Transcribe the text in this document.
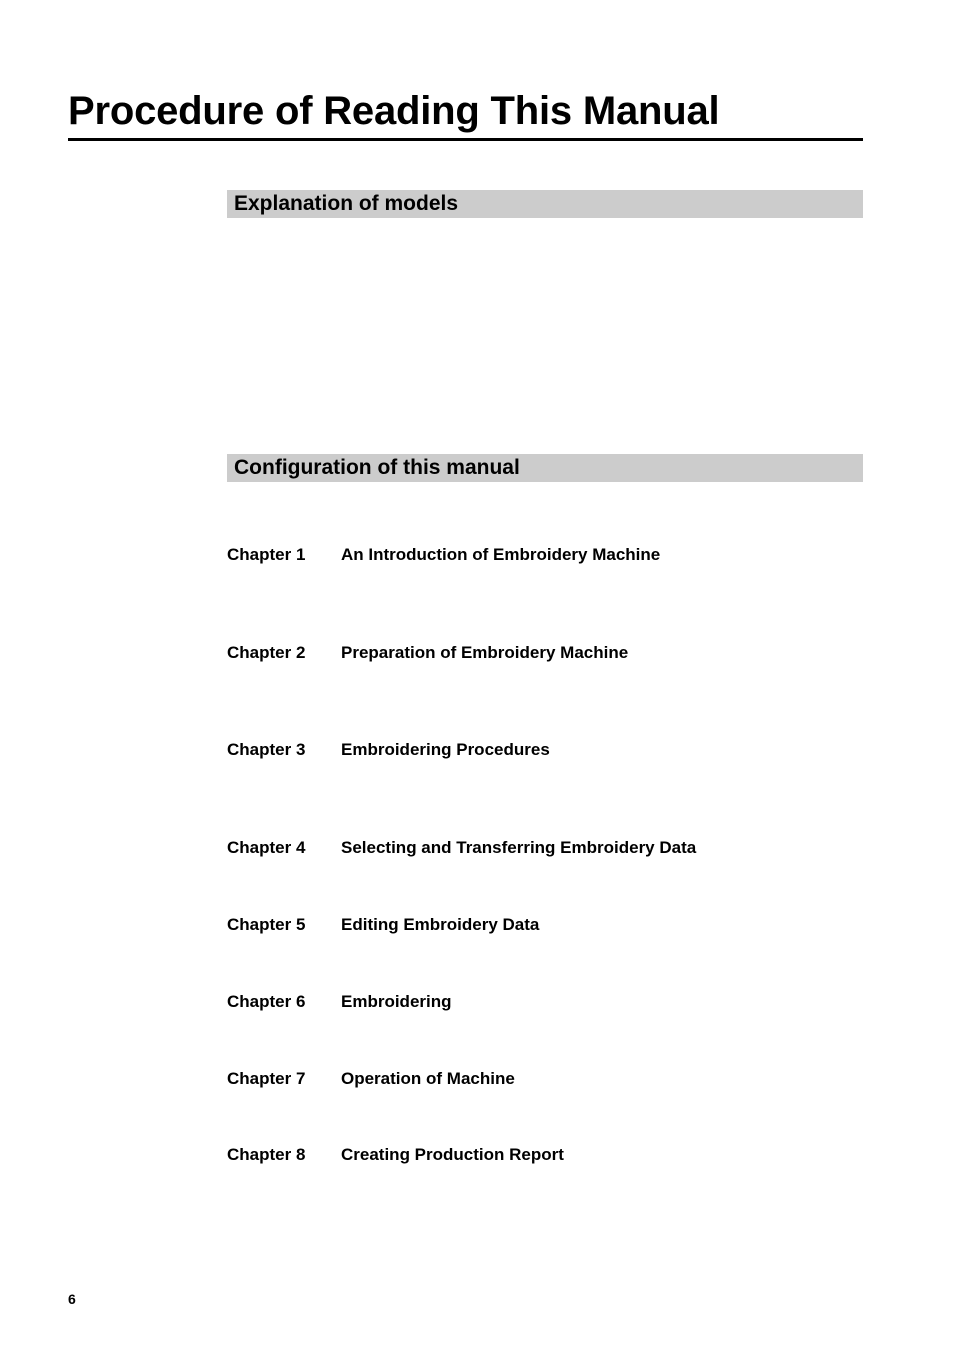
Procedure of Reading This Manual
Explanation of models
Configuration of this manual
Chapter 1 An Introduction of Embroidery Machine
Chapter 2 Preparation of Embroidery Machine
Chapter 3 Embroidering Procedures
Chapter 4 Selecting and Transferring Embroidery Data
Chapter 5 Editing Embroidery Data
Chapter 6 Embroidering
Chapter 7 Operation of Machine
Chapter 8 Creating Production Report
6
